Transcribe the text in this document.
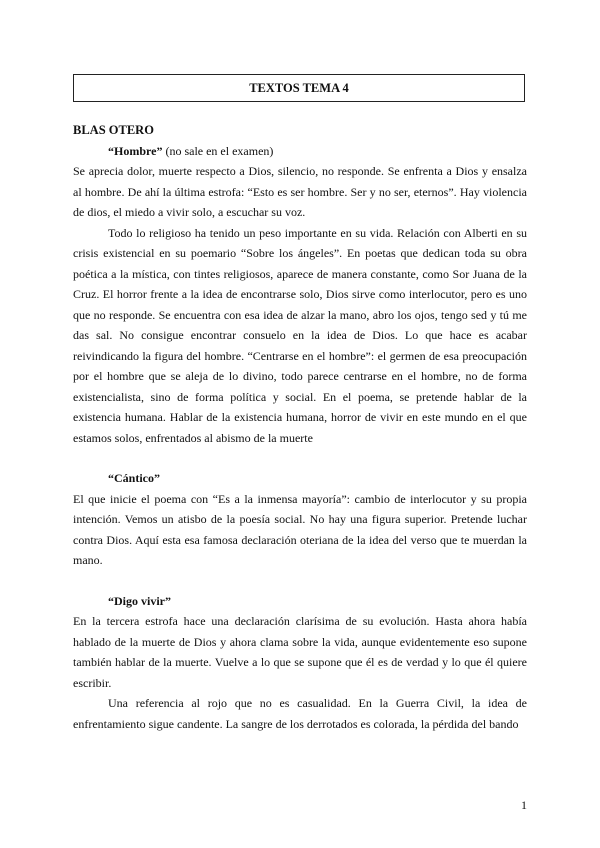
TEXTOS TEMA 4

BLAS OTERO

“Hombre” (no sale en el examen)

Se aprecia dolor, muerte respecto a Dios, silencio, no responde. Se enfrenta a Dios y ensalza al hombre. De ahí la última estrofa: “Esto es ser hombre. Ser y no ser, eternos”. Hay violencia de dios, el miedo a vivir solo, a escuchar su voz.

Todo lo religioso ha tenido un peso importante en su vida. Relación con Alberti en su crisis existencial en su poemario “Sobre los ángeles”. En poetas que dedican toda su obra poética a la mística, con tintes religiosos, aparece de manera constante, como Sor Juana de la Cruz. El horror frente a la idea de encontrarse solo, Dios sirve como interlocutor, pero es uno que no responde. Se encuentra con esa idea de alzar la mano, abro los ojos, tengo sed y tú me das sal. No consigue encontrar consuelo en la idea de Dios. Lo que hace es acabar reivindicando la figura del hombre. “Centrarse en el hombre”: el germen de esa preocupación por el hombre que se aleja de lo divino, todo parece centrarse en el hombre, no de forma existencialista, sino de forma política y social. En el poema, se pretende hablar de la existencia humana. Hablar de la existencia humana, horror de vivir en este mundo en el que estamos solos, enfrentados al abismo de la muerte

“Cántico”

El que inicie el poema con “Es a la inmensa mayoría”: cambio de interlocutor y su propia intención. Vemos un atisbo de la poesía social. No hay una figura superior. Pretende luchar contra Dios. Aquí esta esa famosa declaración oteriana de la idea del verso que te muerdan la mano.

“Digo vivir”

En la tercera estrofa hace una declaración clarísima de su evolución. Hasta ahora había hablado de la muerte de Dios y ahora clama sobre la vida, aunque evidentemente eso supone también hablar de la muerte. Vuelve a lo que se supone que él es de verdad y lo que él quiere escribir.

Una referencia al rojo que no es casualidad. En la Guerra Civil, la idea de enfrentamiento sigue candente. La sangre de los derrotados es colorada, la pérdida del bando

1
